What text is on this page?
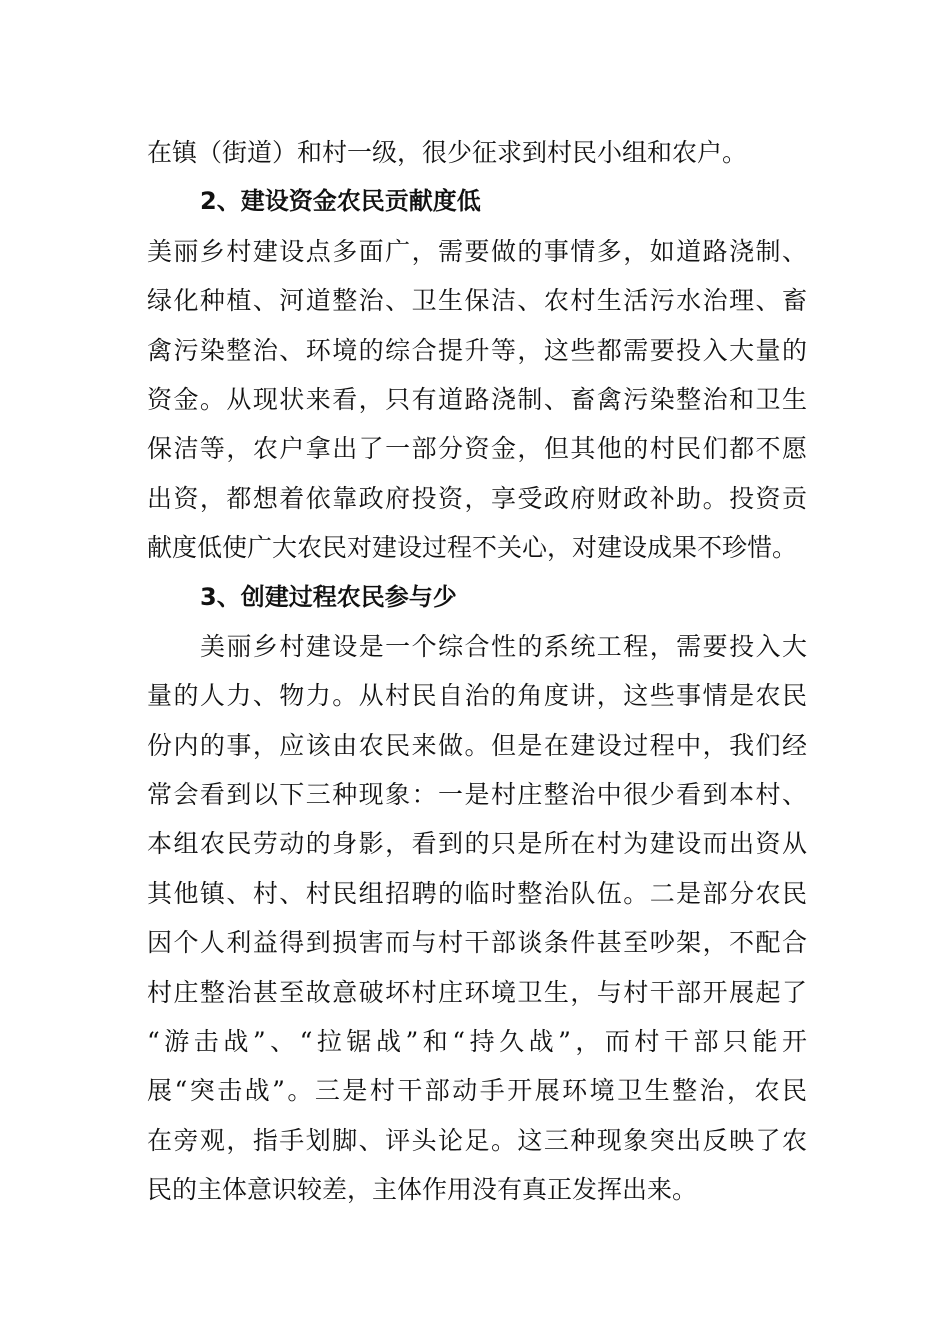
在镇（街道）和村一级，很少征求到村民小组和农户。
2、建设资金农民贡献度低
美丽乡村建设点多面广，需要做的事情多，如道路浇制、
绿化种植、河道整治、卫生保洁、农村生活污水治理、畜
禽污染整治、环境的综合提升等，这些都需要投入大量的
资金。从现状来看，只有道路浇制、畜禽污染整治和卫生
保洁等，农户拿出了一部分资金，但其他的村民们都不愿
出资，都想着依靠政府投资，享受政府财政补助。投资贡
献度低使广大农民对建设过程不关心，对建设成果不珍惜。
3、创建过程农民参与少
美丽乡村建设是一个综合性的系统工程，需要投入大
量的人力、物力。从村民自治的角度讲，这些事情是农民
份内的事，应该由农民来做。但是在建设过程中，我们经
常会看到以下三种现象：一是村庄整治中很少看到本村、
本组农民劳动的身影，看到的只是所在村为建设而出资从
其他镇、村、村民组招聘的临时整治队伍。二是部分农民
因个人利益得到损害而与村干部谈条件甚至吵架，不配合
村庄整治甚至故意破坏村庄环境卫生，与村干部开展起了
“游击战”、“拉锯战”和“持久战”，而村干部只能开
展“突击战”。三是村干部动手开展环境卫生整治，农民
在旁观，指手划脚、评头论足。这三种现象突出反映了农
民的主体意识较差，主体作用没有真正发挥出来。
